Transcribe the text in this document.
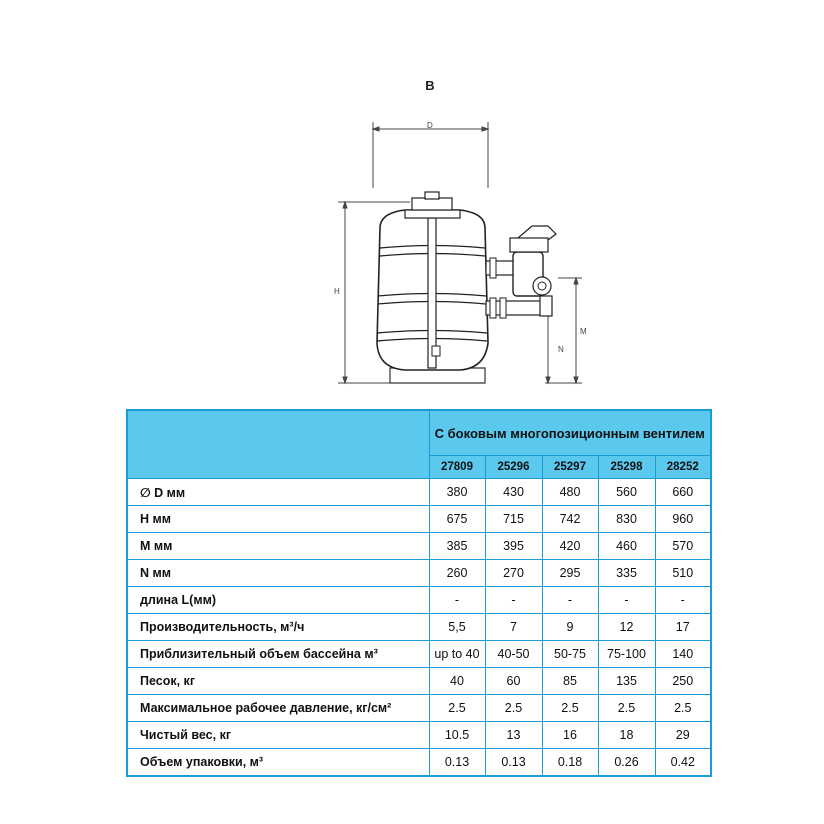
B
D
H
M
N
	С боковым многопозиционным вентилем				
	27809	25296	25297	25298	28252
∅ D мм	380	430	480	560	660
H мм	675	715	742	830	960
M мм	385	395	420	460	570
N мм	260	270	295	335	510
длина L(мм)	-	-	-	-	-
Производительность, м³/ч	5,5	7	9	12	17
Приблизительный объем бассейна м³	up to 40	40-50	50-75	75-100	140
Песок, кг	40	60	85	135	250
Максимальное рабочее давление, кг/см²	2.5	2.5	2.5	2.5	2.5
Чистый вес, кг	10.5	13	16	18	29
Объем упаковки, м³	0.13	0.13	0.18	0.26	0.42
